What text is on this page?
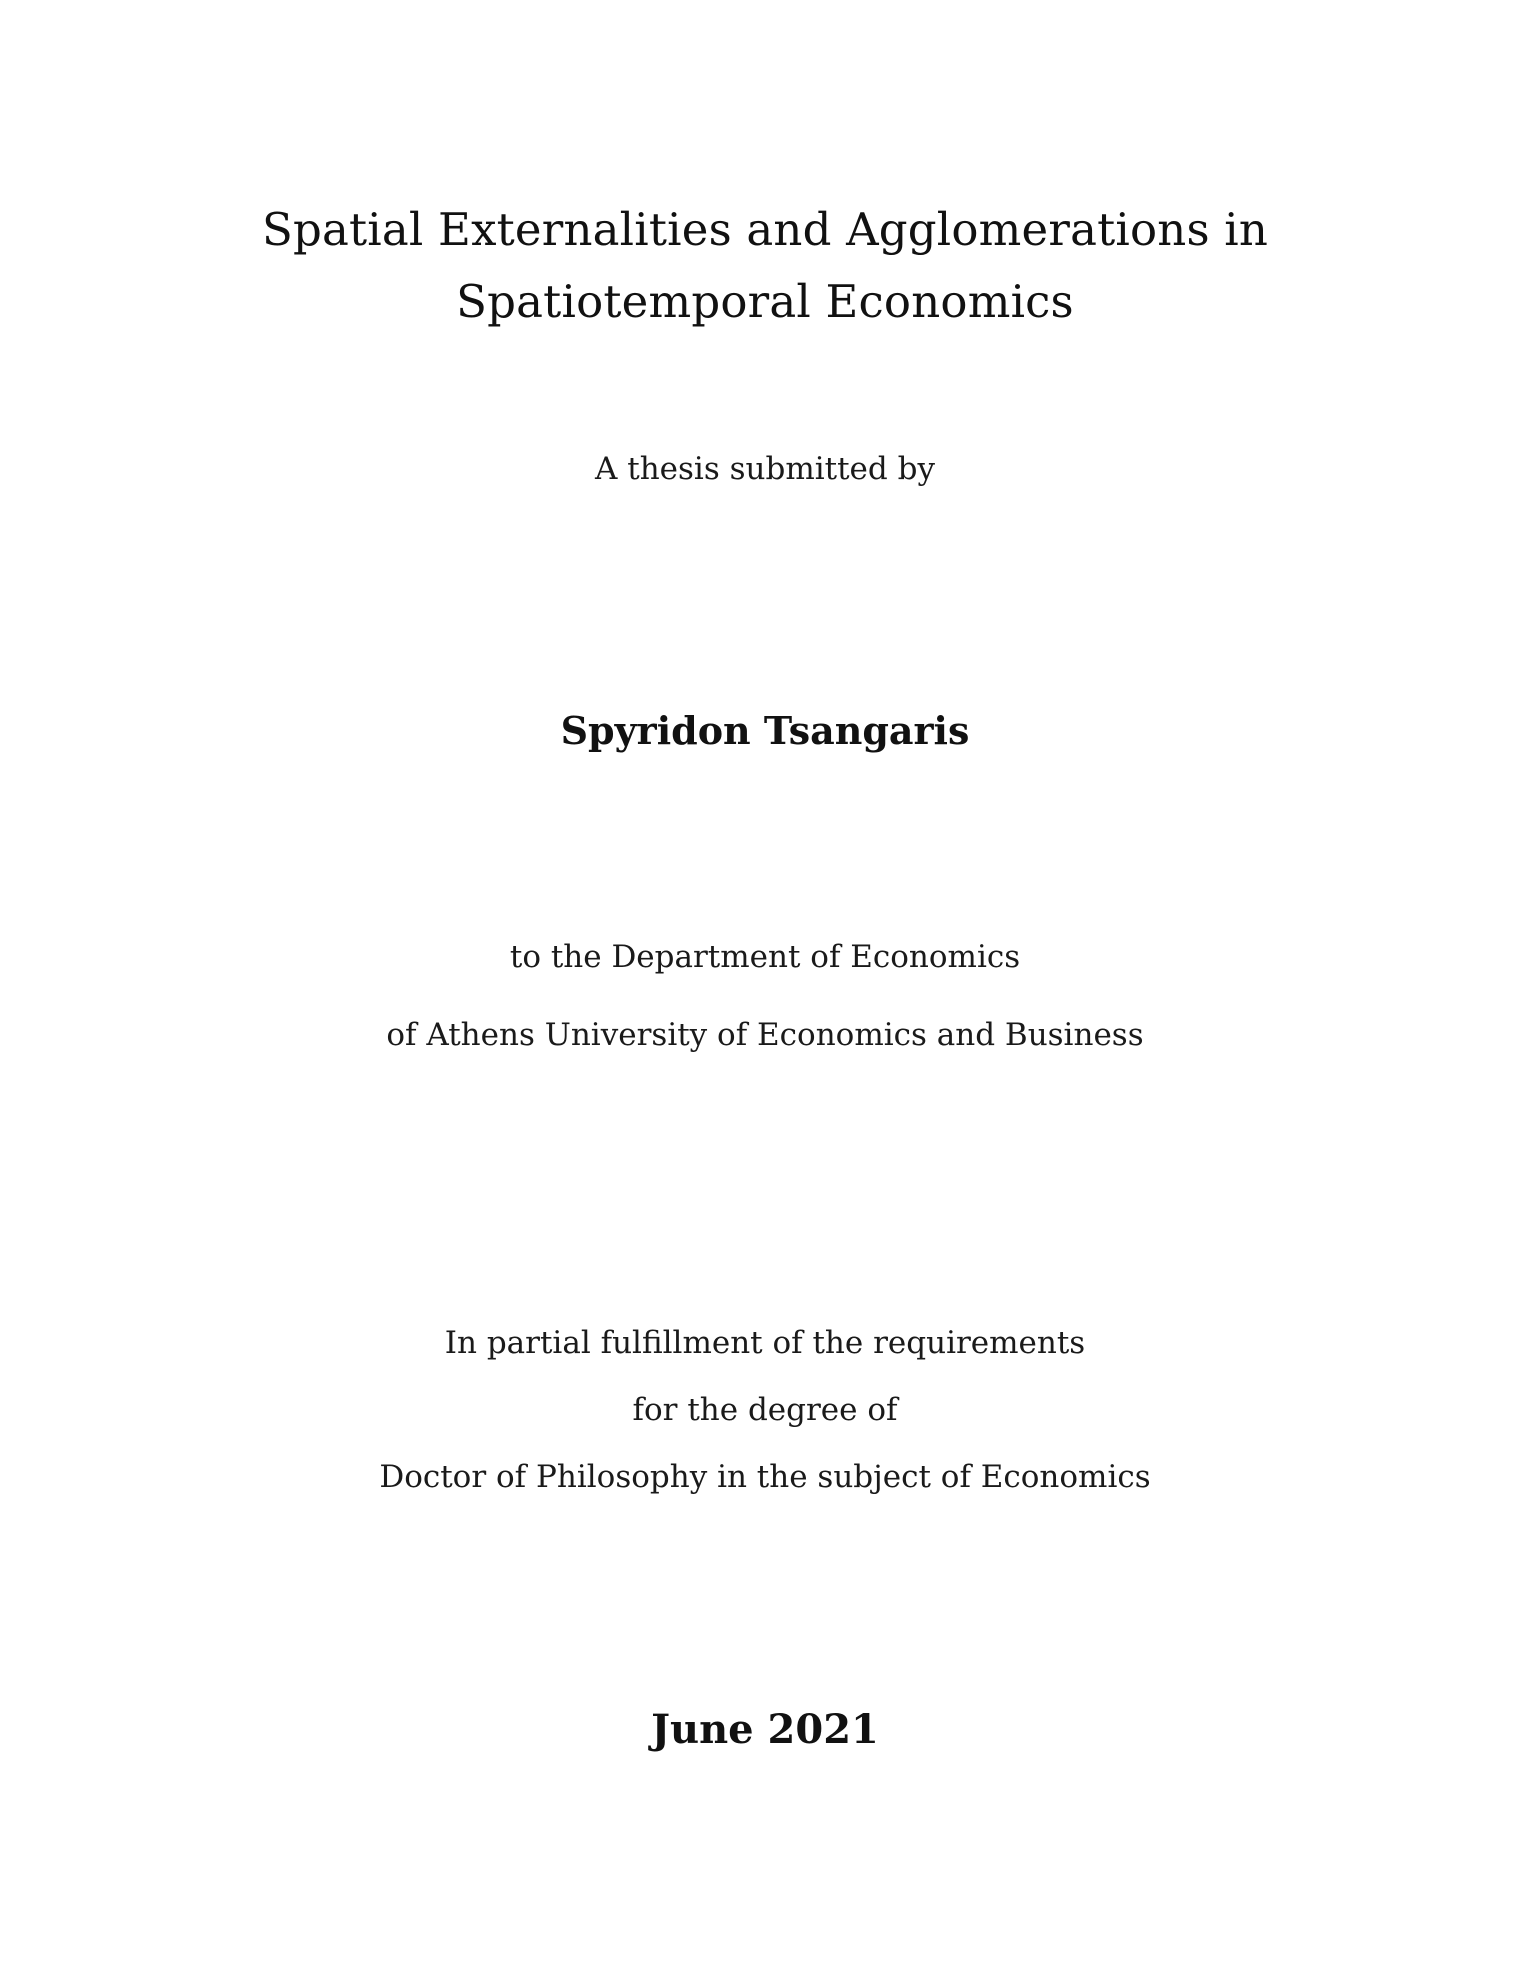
Spatial Externalities and Agglomerations in
Spatiotemporal Economics
A thesis submitted by
Spyridon Tsangaris
to the Department of Economics
of Athens University of Economics and Business
In partial fulfillment of the requirements
for the degree of
Doctor of Philosophy in the subject of Economics
June 2021
